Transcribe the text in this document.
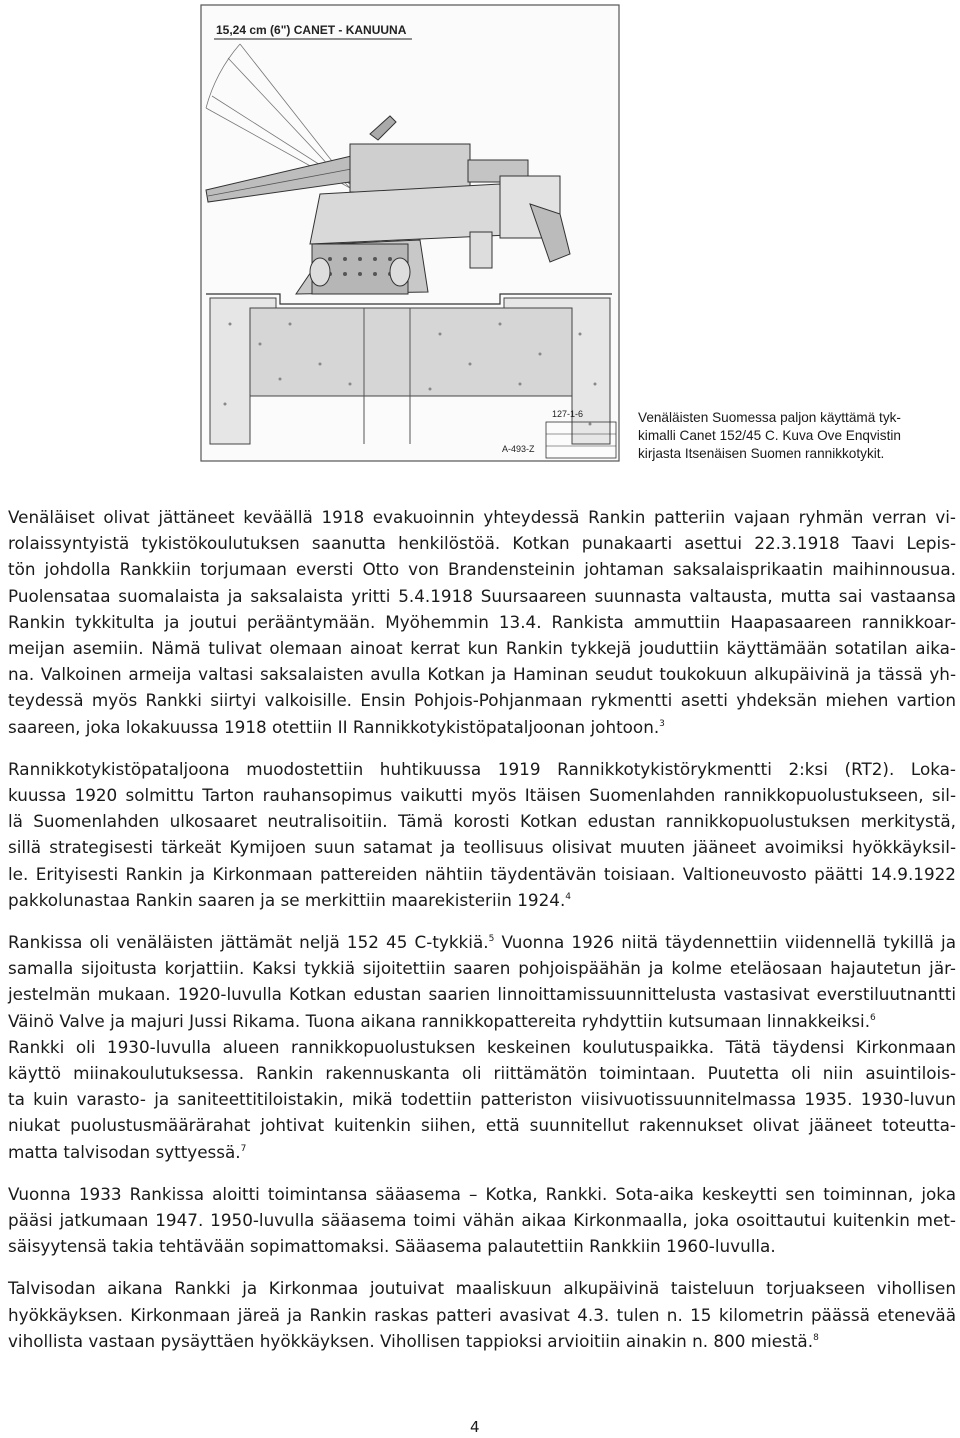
15,24 cm (6") CANET - KANUUNA
127-1-6
A-493-Z
Venäläisten Suomessa paljon käyttämä tyk-
kimalli Canet 152/45 C. Kuva Ove Enqvistin
kirjasta Itsenäisen Suomen rannikkotykit.
Venäläiset olivat jättäneet keväällä 1918 evakuoinnin yhteydessä Rankin patteriin vajaan ryhmän verran vi-
rolaissyntyistä tykistökoulutuksen saanutta henkilöstöä. Kotkan punakaarti asettui 22.3.1918 Taavi Lepis-
tön johdolla Rankkiin torjumaan eversti Otto von Brandensteinin johtaman saksalaisprikaatin maihinnousua.
Puolensataa suomalaista ja saksalaista yritti 5.4.1918 Suursaareen suunnasta valtausta, mutta sai vastaansa
Rankin tykkitulta ja joutui perääntymään. Myöhemmin 13.4. Rankista ammuttiin Haapasaareen rannikkoar-
meijan asemiin. Nämä tulivat olemaan ainoat kerrat kun Rankin tykkejä jouduttiin käyttämään sotatilan aika-
na. Valkoinen armeija valtasi saksalaisten avulla Kotkan ja Haminan seudut toukokuun alkupäivinä ja tässä yh-
teydessä myös Rankki siirtyi valkoisille. Ensin Pohjois-Pohjanmaan rykmentti asetti yhdeksän miehen vartion
saareen, joka lokakuussa 1918 otettiin II Rannikkotykistöpataljoonan johtoon.$^3$
Rannikkotykistöpataljoona muodostettiin huhtikuussa 1919 Rannikkotykistörykmentti 2:ksi (RT2). Loka-
kuussa 1920 solmittu Tarton rauhansopimus vaikutti myös Itäisen Suomenlahden rannikkopuolustukseen, sil-
lä Suomenlahden ulkosaaret neutralisoitiin. Tämä korosti Kotkan edustan rannikkopuolustuksen merkitystä,
sillä strategisesti tärkeät Kymijoen suun satamat ja teollisuus olisivat muuten jääneet avoimiksi hyökkäyksil-
le. Erityisesti Rankin ja Kirkonmaan pattereiden nähtiin täydentävän toisiaan. Valtioneuvosto päätti 14.9.1922
pakkolunastaa Rankin saaren ja se merkittiin maarekisteriin 1924.$^4$
Rankissa oli venäläisten jättämät neljä 152 45 C-tykkiä.$^5$ Vuonna 1926 niitä täydennettiin viidennellä tykillä ja
samalla sijoitusta korjattiin. Kaksi tykkiä sijoitettiin saaren pohjoispäähän ja kolme eteläosaan hajautetun jär-
jestelmän mukaan. 1920-luvulla Kotkan edustan saarien linnoittamissuunnittelusta vastasivat everstiluutnantti
Väinö Valve ja majuri Jussi Rikama. Tuona aikana rannikkopattereita ryhdyttiin kutsumaan linnakkeiksi.$^6$
Rankki oli 1930-luvulla alueen rannikkopuolustuksen keskeinen koulutuspaikka. Tätä täydensi Kirkonmaan
käyttö miinakoulutuksessa. Rankin rakennuskanta oli riittämätön toimintaan. Puutetta oli niin asuintilois-
ta kuin varasto- ja saniteettitiloistakin, mikä todettiin patteriston viisivuotissuunnitelmassa 1935. 1930-luvun
niukat puolustusmäärärahat johtivat kuitenkin siihen, että suunnitellut rakennukset olivat jääneet toteutta-
matta talvisodan syttyessä.$^7$
Vuonna 1933 Rankissa aloitti toimintansa sääasema – Kotka, Rankki. Sota-aika keskeytti sen toiminnan, joka
pääsi jatkumaan 1947. 1950-luvulla sääasema toimi vähän aikaa Kirkonmaalla, joka osoittautui kuitenkin met-
säisyytensä takia tehtävään sopimattomaksi. Sääasema palautettiin Rankkiin 1960-luvulla.
Talvisodan aikana Rankki ja Kirkonmaa joutuivat maaliskuun alkupäivinä taisteluun torjuakseen vihollisen
hyökkäyksen. Kirkonmaan järeä ja Rankin raskas patteri avasivat 4.3. tulen n. 15 kilometrin päässä etenevää
vihollista vastaan pysäyttäen hyökkäyksen. Vihollisen tappioksi arvioitiin ainakin n. 800 miestä.$^8$
4
